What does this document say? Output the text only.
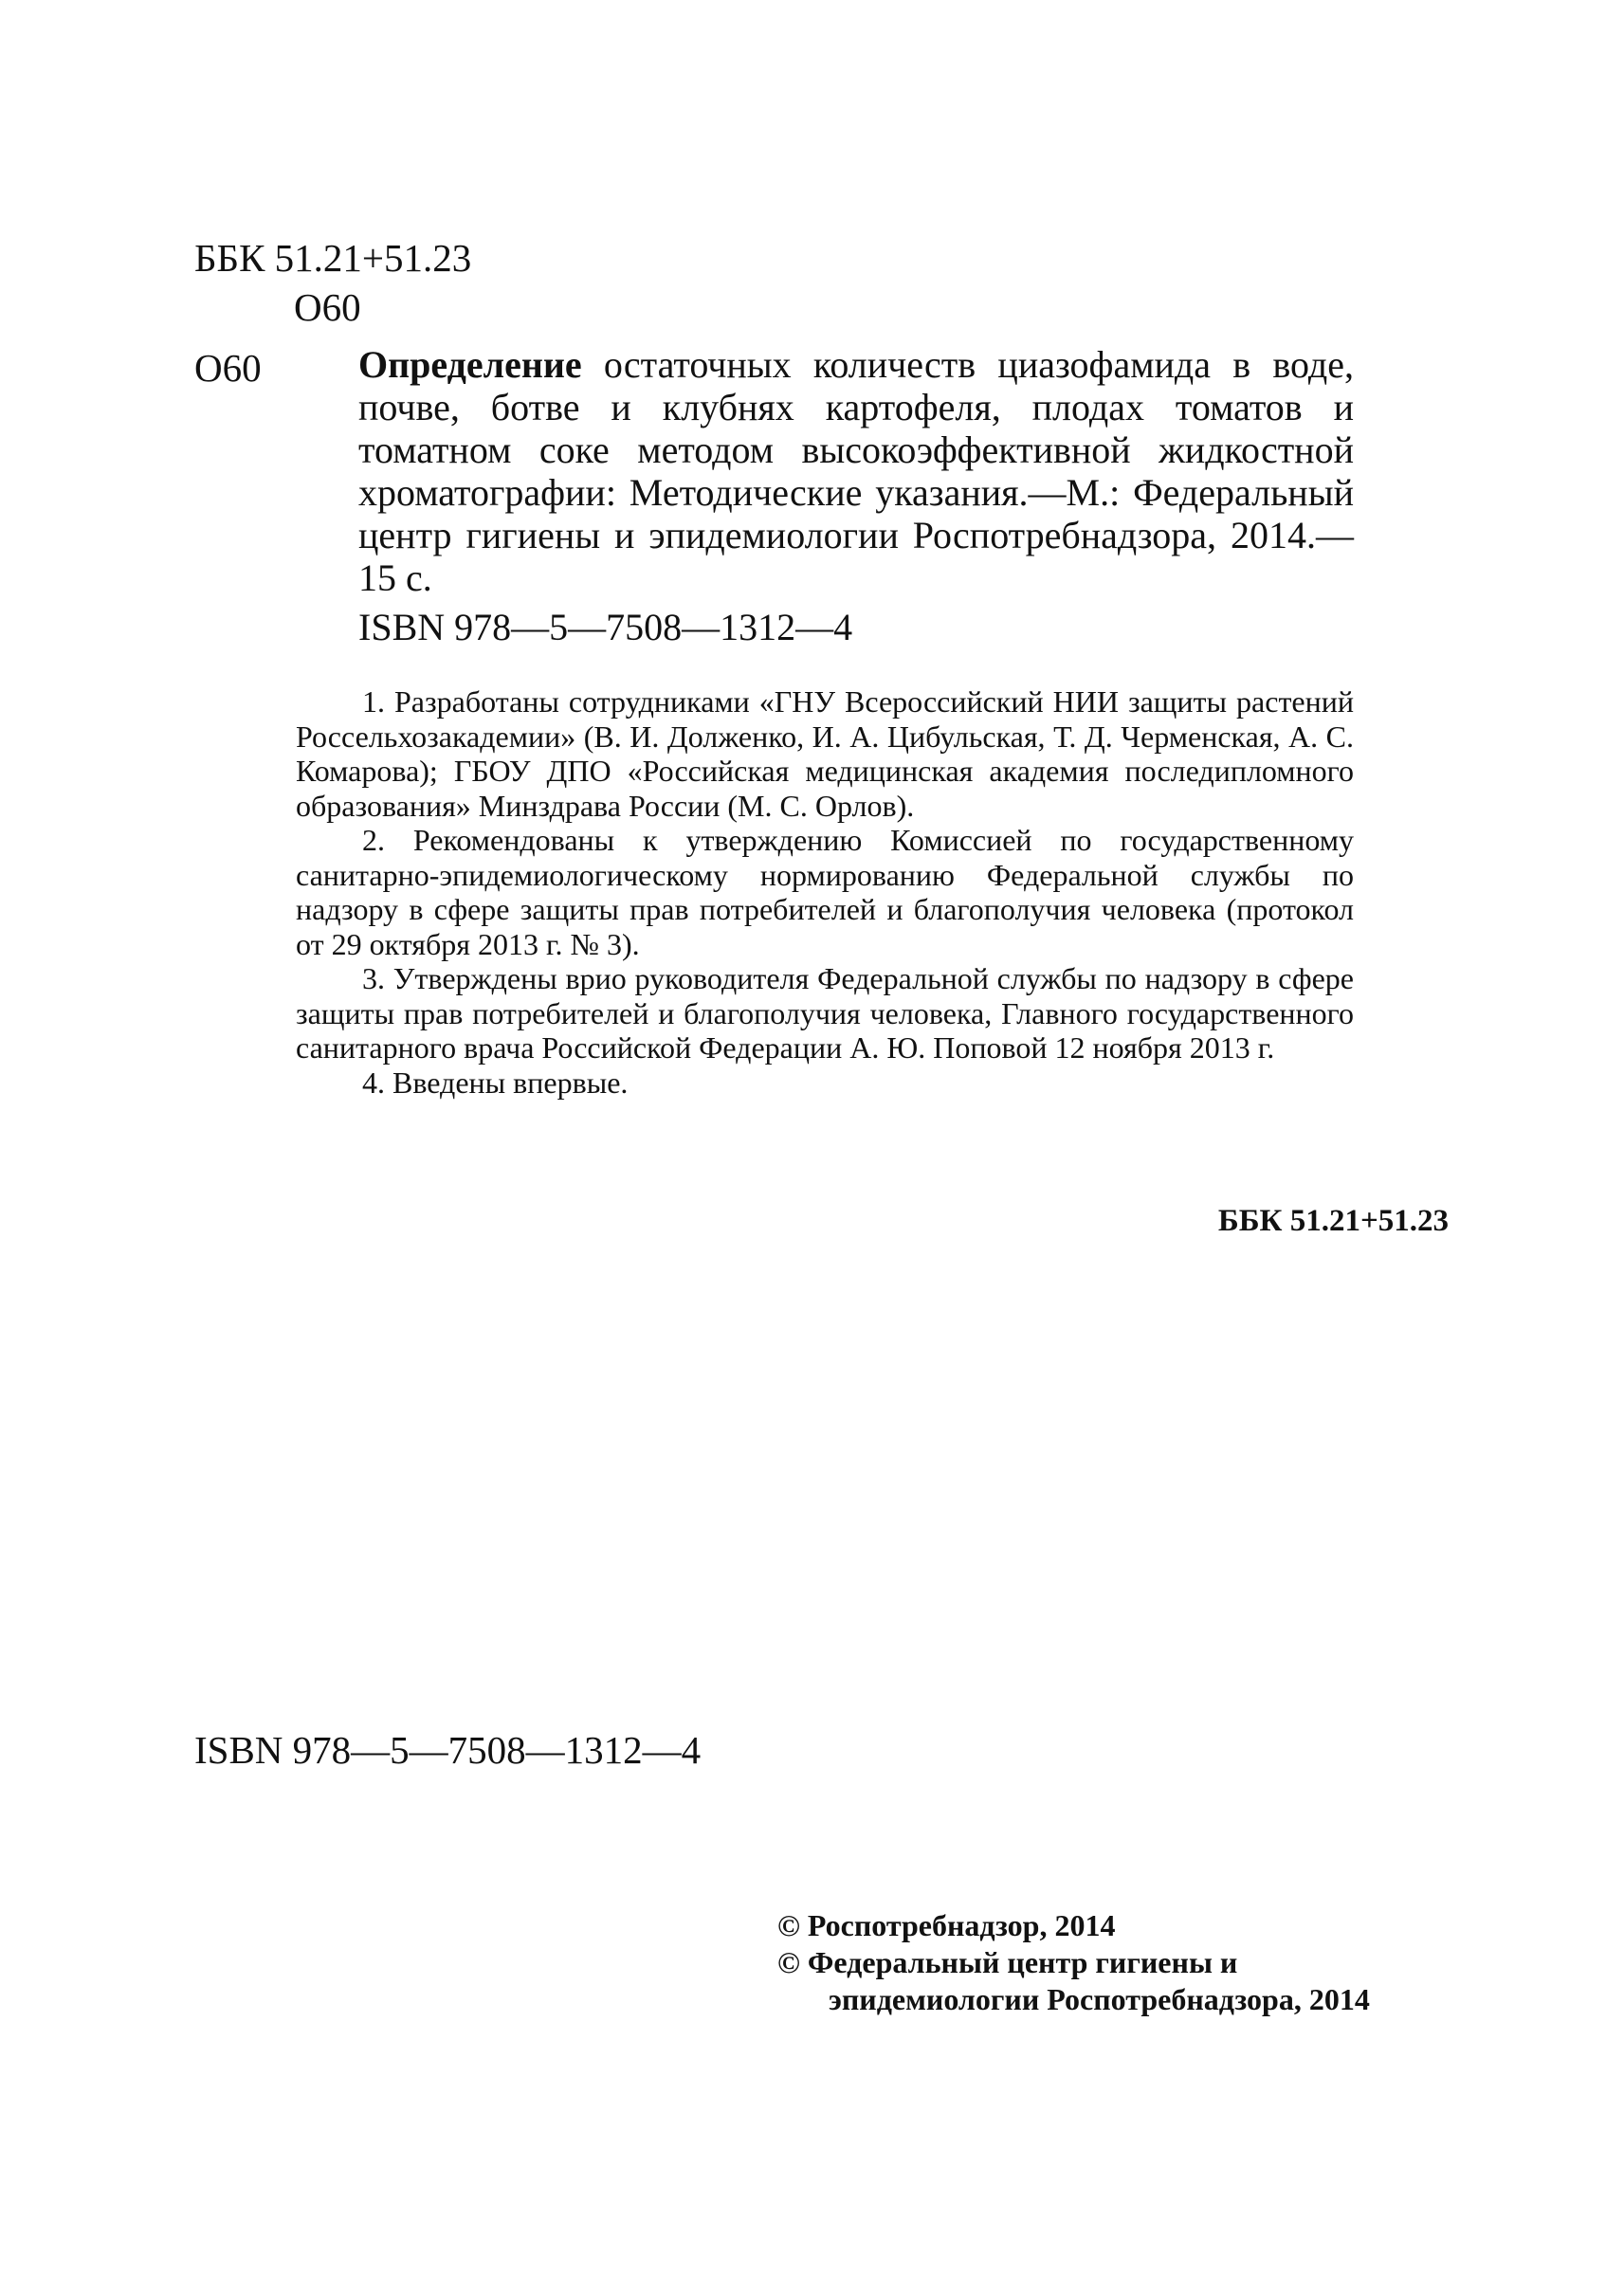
ББК 51.21+51.23
О60
О60	Определение остаточных количеств циазофамида в воде, почве, ботве и клубнях картофеля, плодах томатов и томатном соке методом высокоэффективной жидкостной хроматографии: Методические указания.—М.: Федеральный центр гигиены и эпидемиологии Роспотребнадзора, 2014.—15 с.
ISBN 978—5—7508—1312—4

1. Разработаны сотрудниками «ГНУ Всероссийский НИИ защиты растений Россельхозакадемии» (В. И. Долженко, И. А. Цибульская, Т. Д. Черменская, А. С. Комарова); ГБОУ ДПО «Российская медицинская академия последипломного образования» Минздрава России (М. С. Орлов).

2. Рекомендованы к утверждению Комиссией по государственному санитарно-эпидемиологическому нормированию Федеральной службы по надзору в сфере защиты прав потребителей и благополучия человека (протокол от 29 октября 2013 г. № 3).

3. Утверждены врио руководителя Федеральной службы по надзору в сфере защиты прав потребителей и благополучия человека, Главного государственного санитарного врача Российской Федерации А. Ю. Поповой 12 ноября 2013 г.

4. Введены впервые.

ББК 51.21+51.23
ISBN 978—5—7508—1312—4
© Роспотребнадзор, 2014
© Федеральный центр гигиены и
эпидемиологии Роспотребнадзора, 2014
